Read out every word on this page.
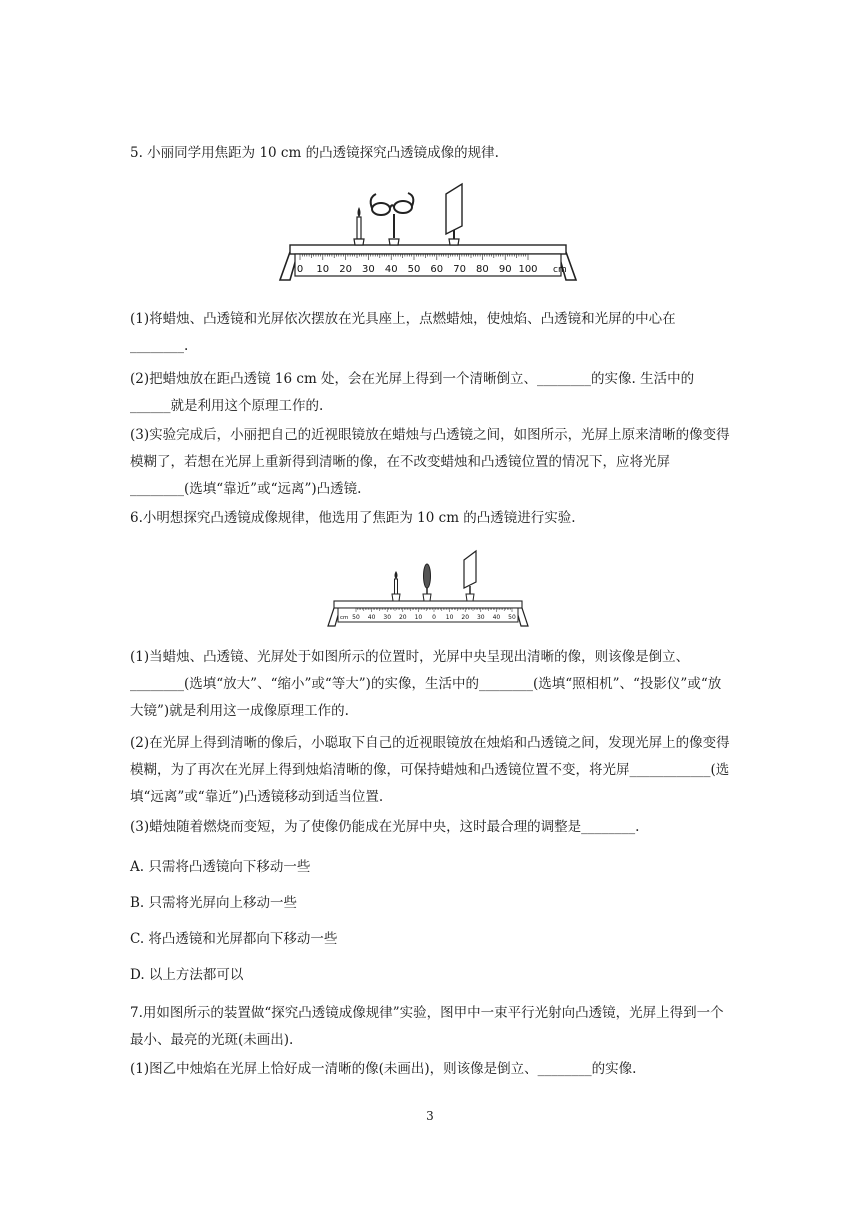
5. 小丽同学用焦距为 10 cm 的凸透镜探究凸透镜成像的规律.

0 10 20 30 40 50 60 70 80 90 100 cm

(1)将蜡烛、凸透镜和光屏依次摆放在光具座上，点燃蜡烛，使烛焰、凸透镜和光屏的中心在________.

(2)把蜡烛放在距凸透镜 16 cm 处，会在光屏上得到一个清晰倒立、________的实像. 生活中的______就是利用这个原理工作的.

(3)实验完成后，小丽把自己的近视眼镜放在蜡烛与凸透镜之间，如图所示，光屏上原来清晰的像变得模糊了，若想在光屏上重新得到清晰的像，在不改变蜡烛和凸透镜位置的情况下，应将光屏________(选填“靠近”或“远离”)凸透镜.

6.小明想探究凸透镜成像规律，他选用了焦距为 10 cm 的凸透镜进行实验.

cm 50 40 30 20 10 0 10 20 30 40 50

(1)当蜡烛、凸透镜、光屏处于如图所示的位置时，光屏中央呈现出清晰的像，则该像是倒立、________(选填“放大”、“缩小”或“等大”)的实像，生活中的________(选填“照相机”、“投影仪”或“放大镜”)就是利用这一成像原理工作的.

(2)在光屏上得到清晰的像后，小聪取下自己的近视眼镜放在烛焰和凸透镜之间，发现光屏上的像变得模糊，为了再次在光屏上得到烛焰清晰的像，可保持蜡烛和凸透镜位置不变，将光屏____________(选填“远离”或“靠近”)凸透镜移动到适当位置.

(3)蜡烛随着燃烧而变短，为了使像仍能成在光屏中央，这时最合理的调整是________.

A. 只需将凸透镜向下移动一些

B. 只需将光屏向上移动一些

C. 将凸透镜和光屏都向下移动一些

D. 以上方法都可以

7.用如图所示的装置做“探究凸透镜成像规律”实验，图甲中一束平行光射向凸透镜，光屏上得到一个最小、最亮的光斑(未画出).

(1)图乙中烛焰在光屏上恰好成一清晰的像(未画出)，则该像是倒立、________的实像.

3
